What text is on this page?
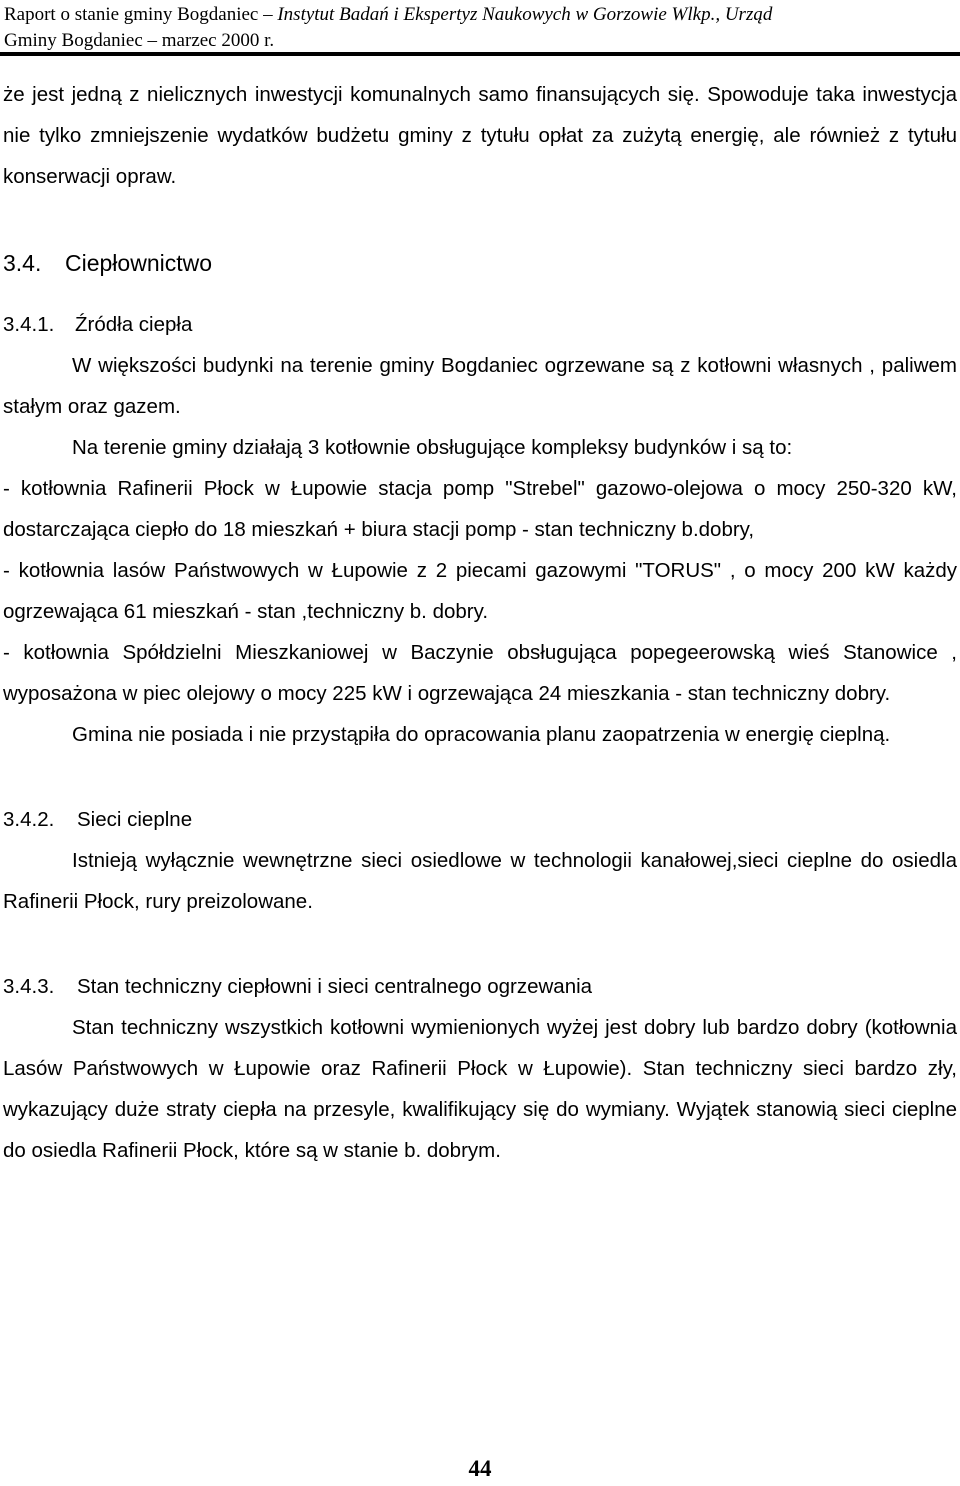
Raport o stanie gminy Bogdaniec – Instytut Badań i Ekspertyz Naukowych w Gorzowie Wlkp., Urząd
Gminy Bogdaniec – marzec 2000 r.

że jest jedną z nielicznych inwestycji komunalnych samo finansujących się. Spowoduje taka inwestycja nie tylko zmniejszenie wydatków budżetu gminy z tytułu opłat za zużytą energię, ale również z tytułu konserwacji opraw.

3.4. Ciepłownictwo
3.4.1. Źródła ciepła

W większości budynki na terenie gminy Bogdaniec ogrzewane są z kotłowni własnych , paliwem stałym oraz gazem.

Na terenie gminy działają 3 kotłownie obsługujące kompleksy budynków i są to:

- kotłownia Rafinerii Płock w Łupowie stacja pomp "Strebel" gazowo-olejowa o mocy 250-320 kW, dostarczająca ciepło do 18 mieszkań + biura stacji pomp - stan techniczny b.dobry,

- kotłownia lasów Państwowych w Łupowie z 2 piecami gazowymi "TORUS" , o mocy 200 kW każdy ogrzewająca 61 mieszkań - stan ,techniczny b. dobry.

- kotłownia Spółdzielni Mieszkaniowej w Baczynie obsługująca popegeerowską wieś Stanowice , wyposażona w piec olejowy o mocy 225 kW i ogrzewająca 24 mieszkania - stan techniczny dobry.

Gmina nie posiada i nie przystąpiła do opracowania planu zaopatrzenia w energię cieplną.

3.4.2. Sieci cieplne

Istnieją wyłącznie wewnętrzne sieci osiedlowe w technologii kanałowej,sieci cieplne do osiedla Rafinerii Płock, rury preizolowane.

3.4.3. Stan techniczny ciepłowni i sieci centralnego ogrzewania

Stan techniczny wszystkich kotłowni wymienionych wyżej jest dobry lub bardzo dobry (kotłownia Lasów Państwowych w Łupowie oraz Rafinerii Płock w Łupowie). Stan techniczny sieci bardzo zły, wykazujący duże straty ciepła na przesyle, kwalifikujący się do wymiany. Wyjątek stanowią sieci cieplne do osiedla Rafinerii Płock, które są w stanie b. dobrym.

44
